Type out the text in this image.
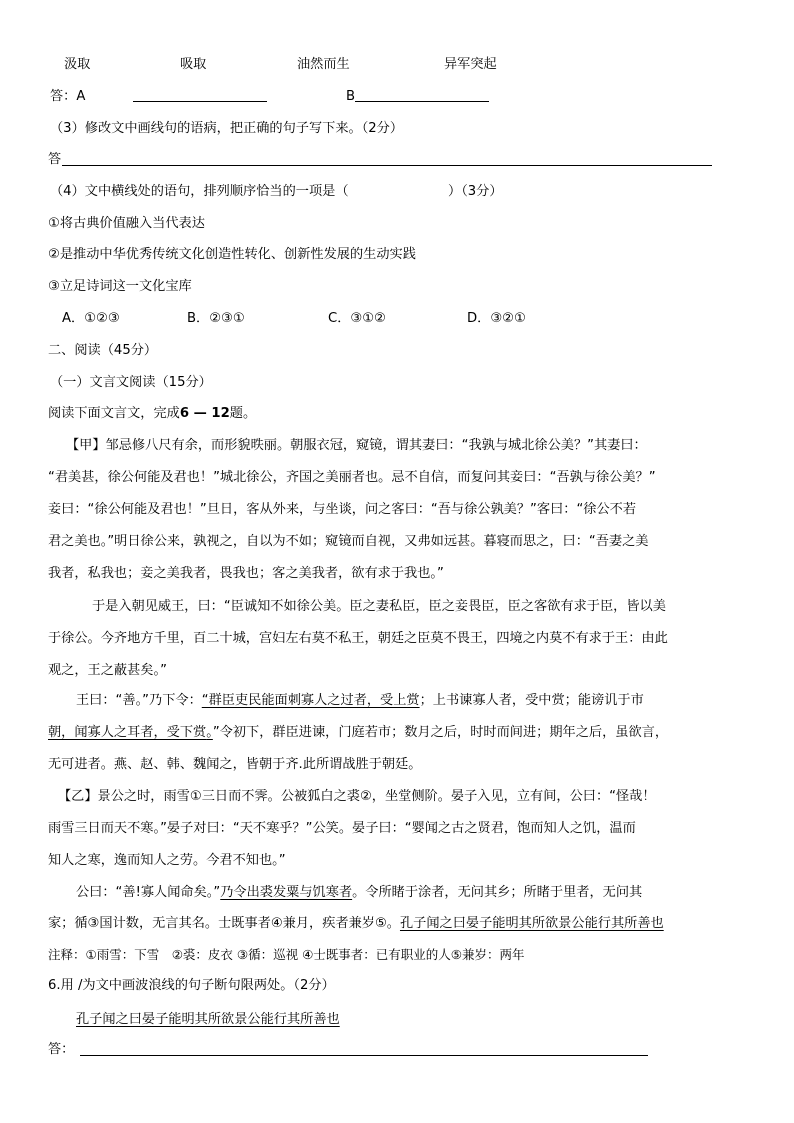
汲取	吸取	油然而生	异军突起
答：A	B
（3）修改文中画线句的语病，把正确的句子写下来。（2分）
答
（4）文中横线处的语句，排列顺序恰当的一项是（	）（3分）
①将古典价值融入当代表达
②是推动中华优秀传统文化创造性转化、创新性发展的生动实践
③立足诗词这一文化宝库
A．①②③	B．②③①	C．③①②	D．③②①
二、阅读（45分）
（一）文言文阅读（15分）
阅读下面文言文，完成6 — 12题。
【甲】邹忌修八尺有余，而形貌昳丽。朝服衣冠，窥镜，谓其妻曰：“我孰与城北徐公美？”其妻曰：
“君美甚，徐公何能及君也！”城北徐公，齐国之美丽者也。忌不自信，而复问其妾曰：“吾孰与徐公美？”
妾曰：“徐公何能及君也！”旦日，客从外来，与坐谈，问之客曰：“吾与徐公孰美？”客曰：“徐公不若
君之美也。”明日徐公来，孰视之，自以为不如；窥镜而自视，又弗如远甚。暮寝而思之，曰：“吾妻之美
我者，私我也；妾之美我者，畏我也；客之美我者，欲有求于我也。”
于是入朝见威王，曰：“臣诚知不如徐公美。臣之妻私臣，臣之妾畏臣，臣之客欲有求于臣，皆以美
于徐公。今齐地方千里，百二十城，宫妇左右莫不私王，朝廷之臣莫不畏王，四境之内莫不有求于王：由此
观之，王之蔽甚矣。”
王曰：“善。”乃下令：“群臣吏民能面刺寡人之过者，受上赏；上书谏寡人者，受中赏；能谤讥于市
朝，闻寡人之耳者，受下赏。”令初下，群臣进谏，门庭若市；数月之后，时时而间进；期年之后，虽欲言，
无可进者。燕、赵、韩、魏闻之，皆朝于齐.此所谓战胜于朝廷。
【乙】景公之时，雨雪①三日而不霁。公被狐白之裘②，坐堂侧阶。晏子入见，立有间，公曰：“怪哉！
雨雪三日而天不寒。”晏子对曰：“天不寒乎？”公笑。晏子曰：“婴闻之古之贤君，饱而知人之饥，温而
知人之寒，逸而知人之劳。今君不知也。”
公曰：“善!寡人闻命矣。”乃令出裘发粟与饥寒者。令所睹于涂者，无问其乡；所睹于里者，无问其
家；循③国计数，无言其名。士既事者④兼月，疾者兼岁⑤。孔子闻之曰晏子能明其所欲景公能行其所善也
注释：①雨雪：下雪　②裘：皮衣 ③循：巡视 ④士既事者：已有职业的人⑤兼岁：两年
6.用 /为文中画波浪线的句子断句限两处。（2分）
孔子闻之曰晏子能明其所欲景公能行其所善也
答：
